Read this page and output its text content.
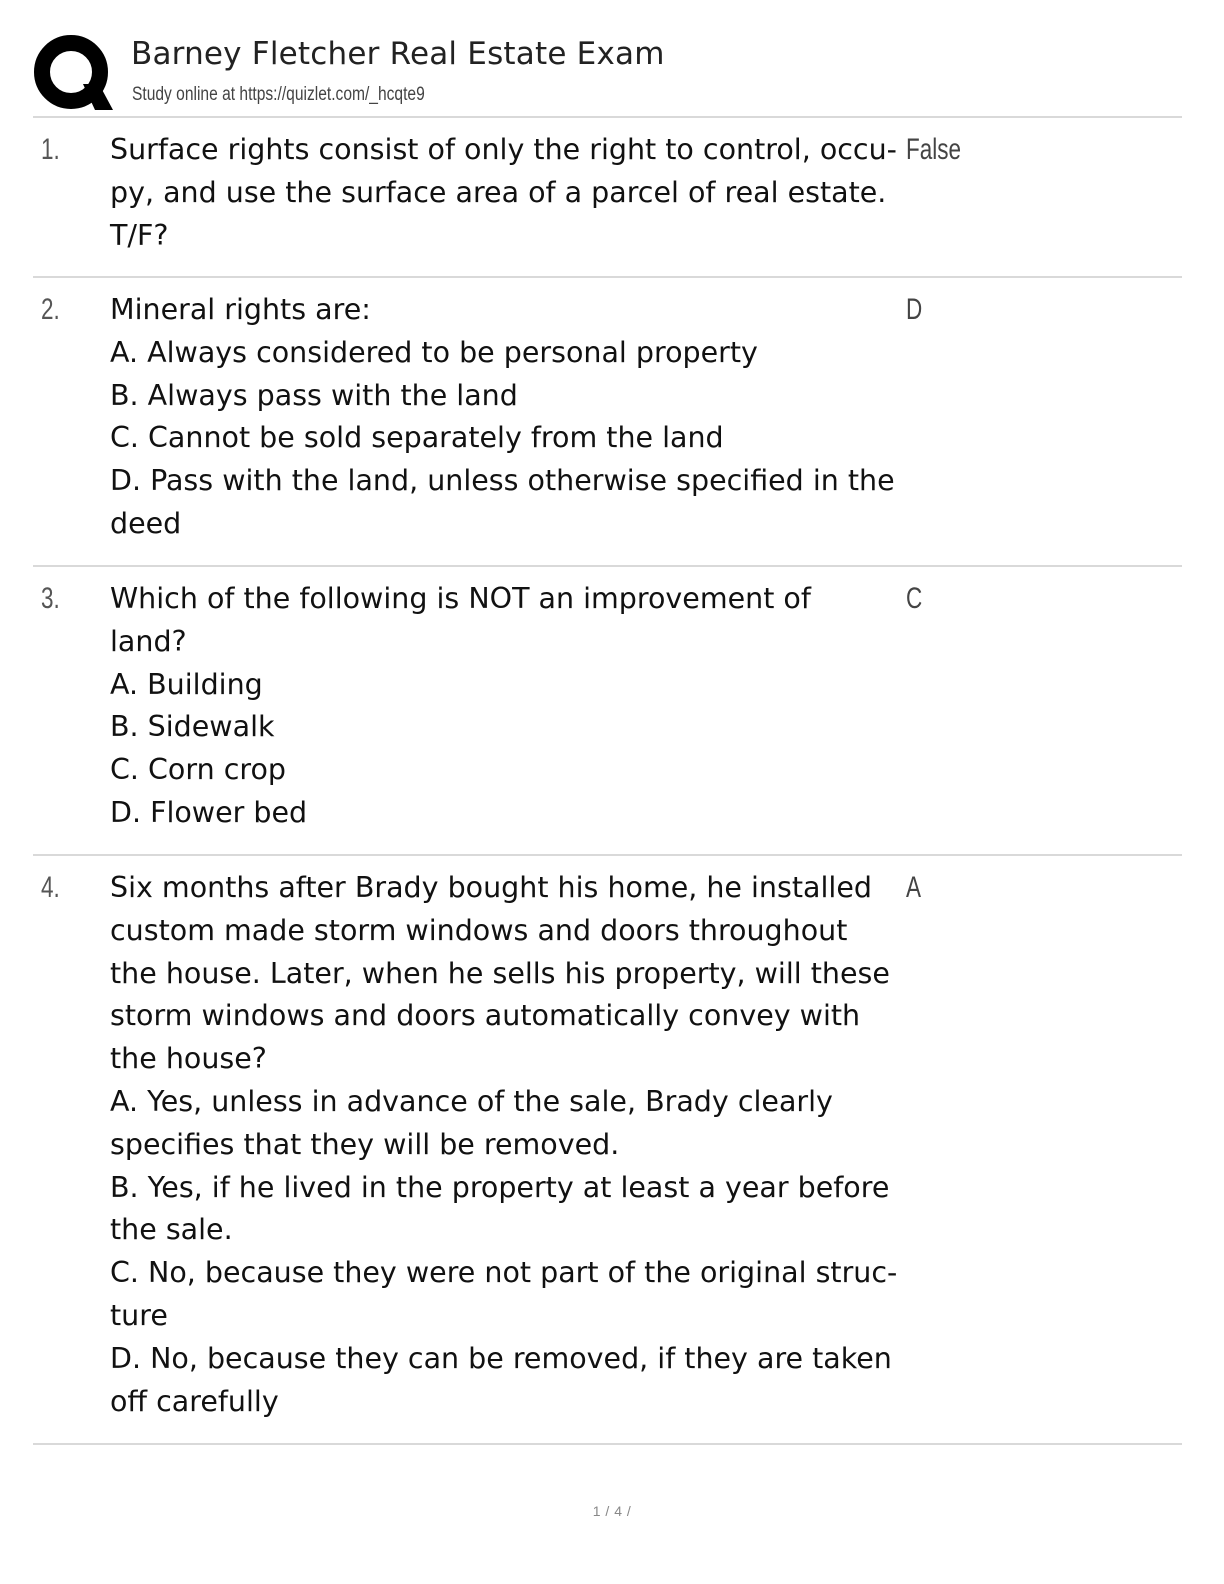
Barney Fletcher Real Estate Exam
Study online at https://quizlet.com/_hcqte9
1. Surface rights consist of only the right to control, occu-
py, and use the surface area of a parcel of real estate.
T/F?
False
2. Mineral rights are:
A. Always considered to be personal property
B. Always pass with the land
C. Cannot be sold separately from the land
D. Pass with the land, unless otherwise specified in the
deed
D
3. Which of the following is NOT an improvement of
land?
A. Building
B. Sidewalk
C. Corn crop
D. Flower bed
C
4. Six months after Brady bought his home, he installed
custom made storm windows and doors throughout
the house. Later, when he sells his property, will these
storm windows and doors automatically convey with
the house?
A. Yes, unless in advance of the sale, Brady clearly
specifies that they will be removed.
B. Yes, if he lived in the property at least a year before
the sale.
C. No, because they were not part of the original struc-
ture
D. No, because they can be removed, if they are taken
off carefully
A
1 / 4 /
